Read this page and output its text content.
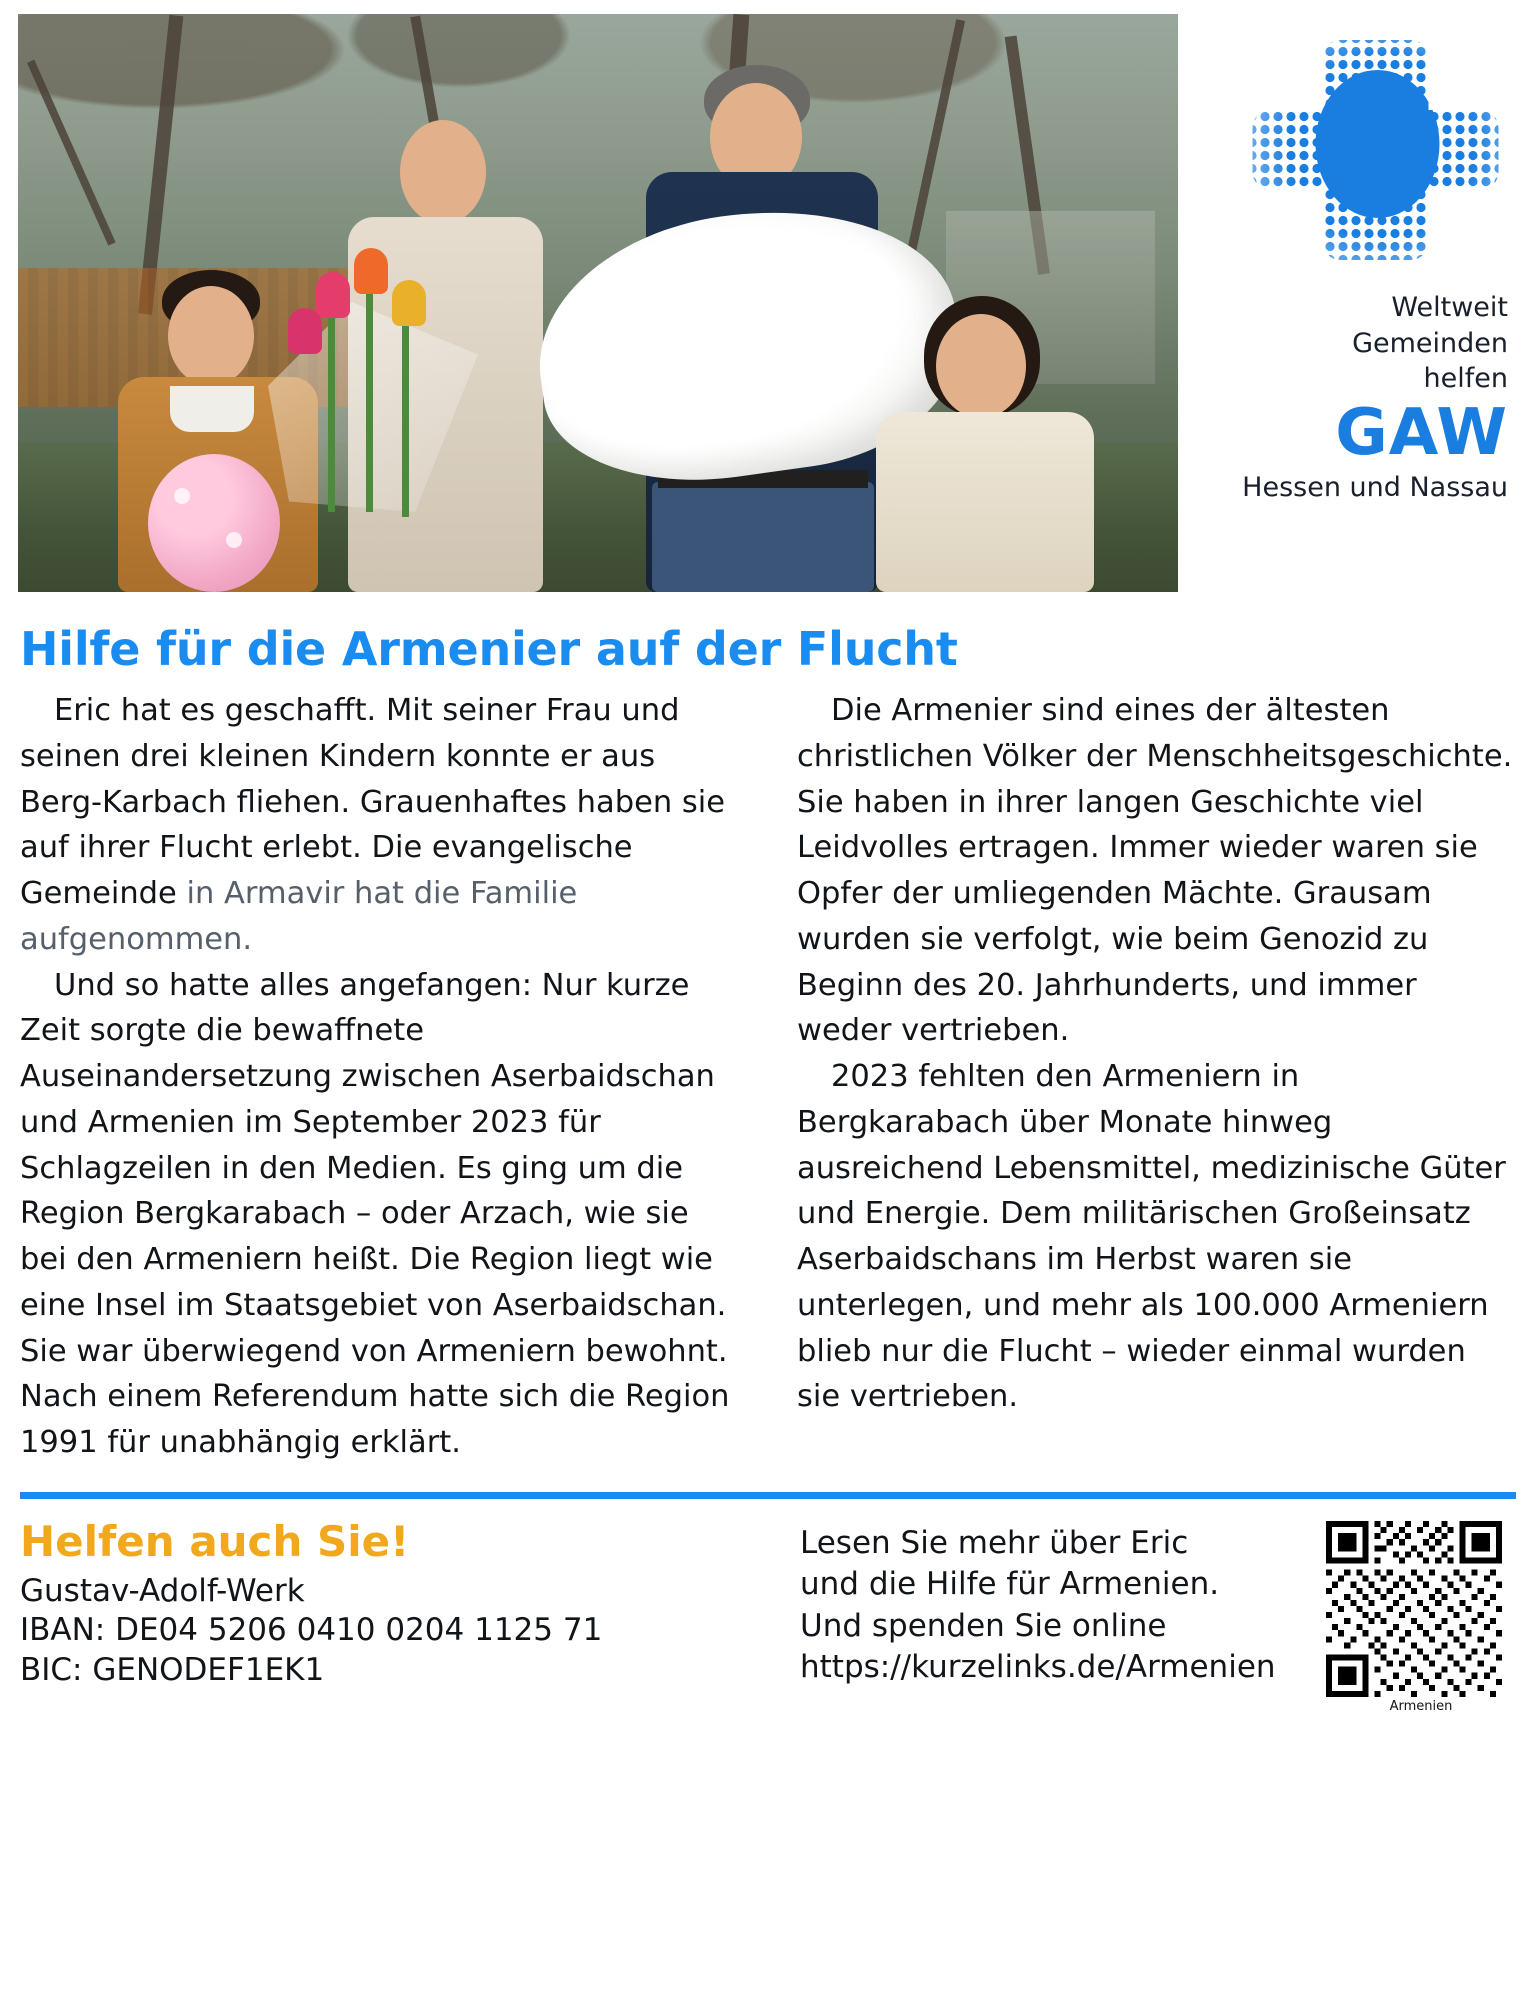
Weltweit
Gemeinden
helfen
GAW
Hessen und Nassau
Hilfe für die Armenier auf der Flucht

Eric hat es geschafft. Mit seiner Frau und seinen drei kleinen Kindern konnte er aus Berg-Karbach fliehen. Grauenhaftes haben sie auf ihrer Flucht erlebt. Die evangelische Gemeinde in Armavir hat die Familie aufgenommen.

Und so hatte alles angefangen: Nur kurze Zeit sorgte die bewaffnete Auseinandersetzung zwischen Aserbaidschan und Armenien im September 2023 für Schlagzeilen in den Medien. Es ging um die Region Bergkarabach – oder Arzach, wie sie bei den Armeniern heißt. Die Region liegt wie eine Insel im Staatsgebiet von Aserbaidschan. Sie war überwiegend von Armeniern bewohnt. Nach einem Referendum hatte sich die Region 1991 für unabhängig erklärt.

Die Armenier sind eines der ältesten christlichen Völker der Menschheitsgeschichte. Sie haben in ihrer langen Geschichte viel Leidvolles ertragen. Immer wieder waren sie Opfer der umliegenden Mächte. Grausam wurden sie verfolgt, wie beim Genozid zu Beginn des 20. Jahrhunderts, und immer weder vertrieben.

2023 fehlten den Armeniern in Bergkarabach über Monate hinweg ausreichend Lebensmittel, medizinische Güter und Energie. Dem militärischen Großeinsatz Aserbaidschans im Herbst waren sie unterlegen, und mehr als 100.000 Armeniern blieb nur die Flucht – wieder einmal wurden sie vertrieben.

Helfen auch Sie!
Gustav-Adolf-Werk
IBAN: DE04 5206 0410 0204 1125 71
BIC: GENODEF1EK1
Lesen Sie mehr über Eric
und die Hilfe für Armenien.
Und spenden Sie online
https://kurzelinks.de/Armenien
Armenien
